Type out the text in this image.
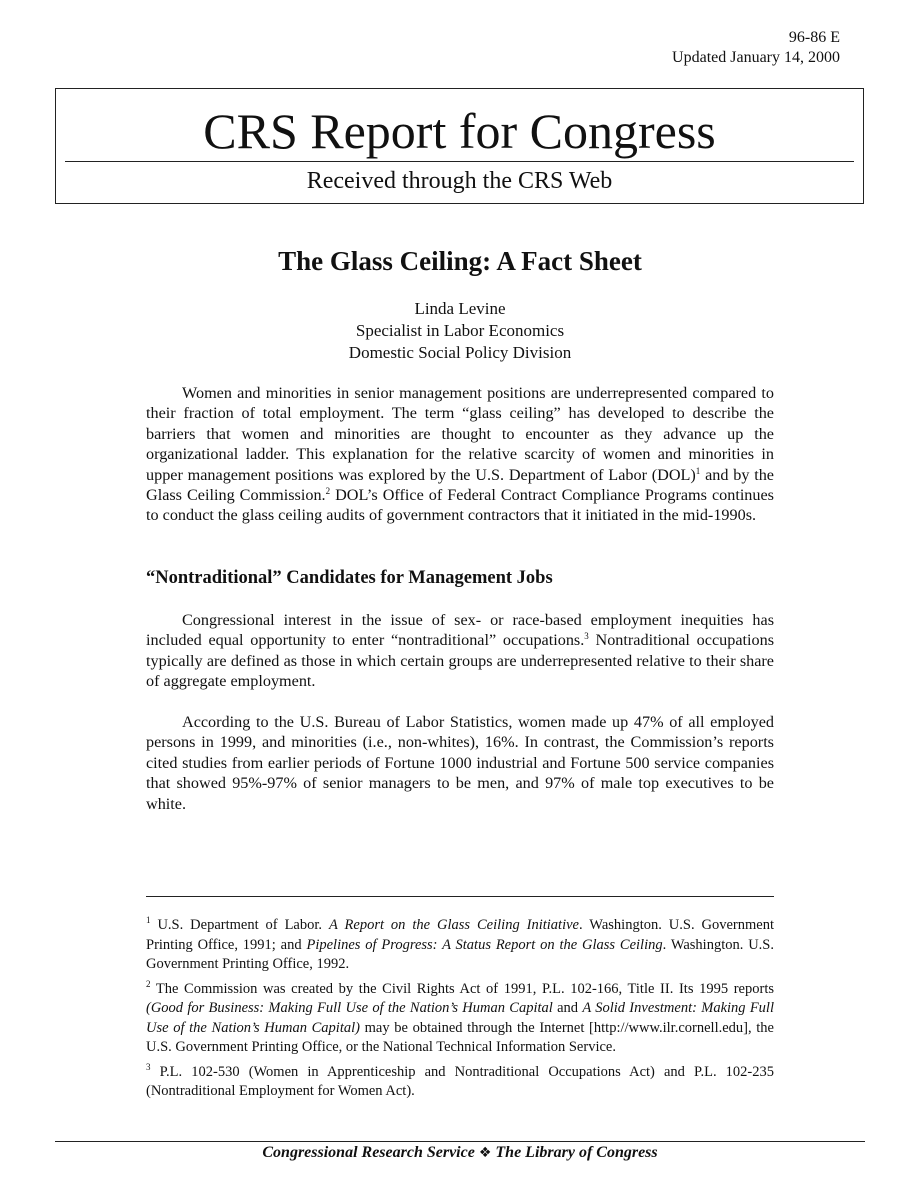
96-86 E
Updated January 14, 2000
CRS Report for Congress
Received through the CRS Web
The Glass Ceiling: A Fact Sheet
Linda Levine
Specialist in Labor Economics
Domestic Social Policy Division

Women and minorities in senior management positions are underrepresented compared to their fraction of total employment. The term “glass ceiling” has developed to describe the barriers that women and minorities are thought to encounter as they advance up the organizational ladder. This explanation for the relative scarcity of women and minorities in upper management positions was explored by the U.S. Department of Labor (DOL)$^1$ and by the Glass Ceiling Commission.$^2$ DOL’s Office of Federal Contract Compliance Programs continues to conduct the glass ceiling audits of government contractors that it initiated in the mid-1990s.

“Nontraditional” Candidates for Management Jobs

Congressional interest in the issue of sex- or race-based employment inequities has included equal opportunity to enter “nontraditional” occupations.$^3$ Nontraditional occupations typically are defined as those in which certain groups are underrepresented relative to their share of aggregate employment.

According to the U.S. Bureau of Labor Statistics, women made up 47% of all employed persons in 1999, and minorities (i.e., non-whites), 16%. In contrast, the Commission’s reports cited studies from earlier periods of Fortune 1000 industrial and Fortune 500 service companies that showed 95%-97% of senior managers to be men, and 97% of male top executives to be white.

$^1$ U.S. Department of Labor. A Report on the Glass Ceiling Initiative. Washington. U.S. Government Printing Office, 1991; and Pipelines of Progress: A Status Report on the Glass Ceiling. Washington. U.S. Government Printing Office, 1992.

$^2$ The Commission was created by the Civil Rights Act of 1991, P.L. 102-166, Title II. Its 1995 reports (Good for Business: Making Full Use of the Nation’s Human Capital and A Solid Investment: Making Full Use of the Nation’s Human Capital) may be obtained through the Internet [http://www.ilr.cornell.edu], the U.S. Government Printing Office, or the National Technical Information Service.

$^3$ P.L. 102-530 (Women in Apprenticeship and Nontraditional Occupations Act) and P.L. 102-235 (Nontraditional Employment for Women Act).

Congressional Research Service ❖ The Library of Congress
